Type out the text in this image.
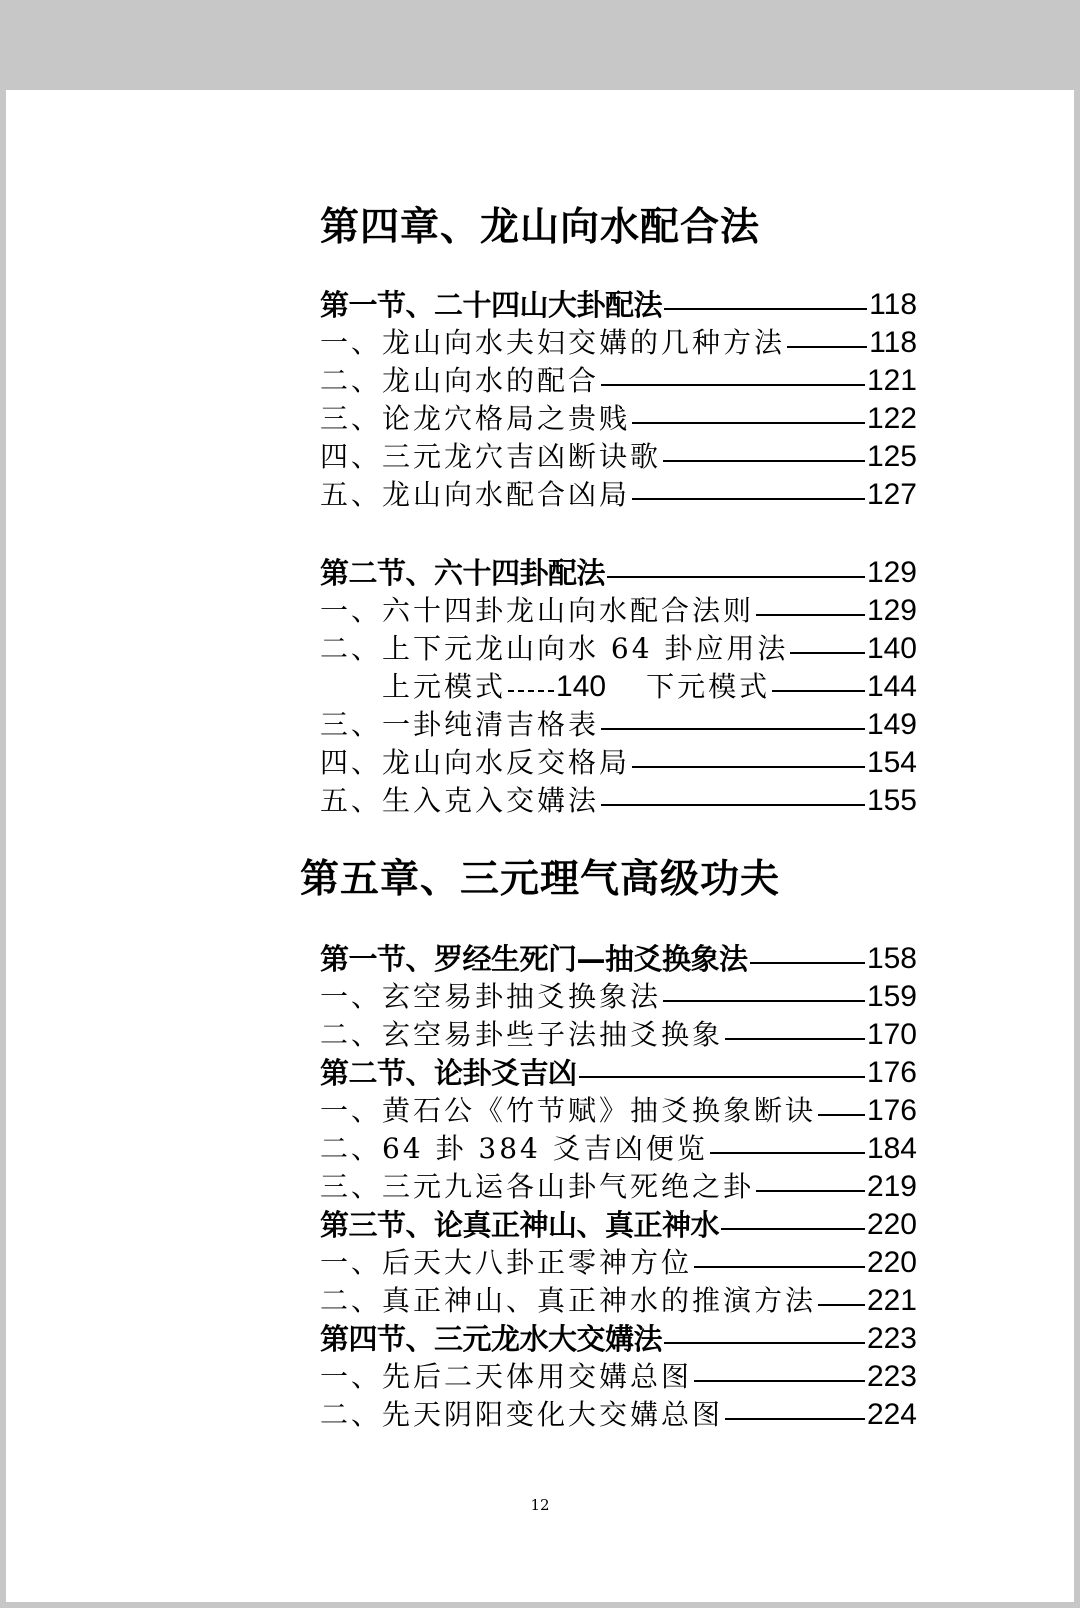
第四章、龙山向水配合法
第一节、二十四山大卦配法	118
一、龙山向水夫妇交媾的几种方法	118
二、龙山向水的配合	121
三、论龙穴格局之贵贱	122
四、三元龙穴吉凶断诀歌	125
五、龙山向水配合凶局	127
第二节、六十四卦配法	129
一、六十四卦龙山向水配合法则	129
二、上下元龙山向水 64 卦应用法	140
上元模式 140 下元模式	144
三、一卦纯清吉格表	149
四、龙山向水反交格局	154
五、生入克入交媾法	155
第五章、三元理气高级功夫
第一节、罗经生死门—抽爻换象法	158
一、玄空易卦抽爻换象法	159
二、玄空易卦些子法抽爻换象	170
第二节、论卦爻吉凶	176
一、黄石公《竹节赋》抽爻换象断诀 176
二、64 卦 384 爻吉凶便览	184
三、三元九运各山卦气死绝之卦	219
第三节、论真正神山、真正神水	220
一、后天大八卦正零神方位	220
二、真正神山、真正神水的推演方法 221
第四节、三元龙水大交媾法	223
一、先后二天体用交媾总图	223
二、先天阴阳变化大交媾总图	224
12
